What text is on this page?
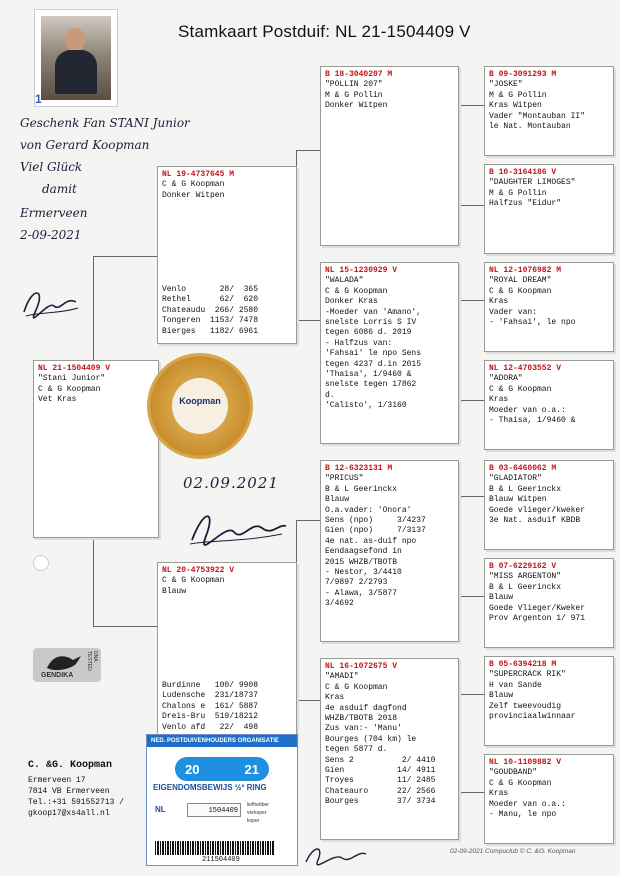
Stamkaart Postduif: NL 21-1504409 V
1
Geschenk Fan STANI Junior
von Gerard Koopman
Viel Glück
damit
Ermerveen
2-09-2021
NL 21-1504409 V
"Stani Junior"
C & G Koopman
Vet Kras
NL 19-4737645 M
C & G Koopman
Donker Witpen
Venlo       28/  365
Rethel      62/  620
Chateaudu  266/ 2580
Tongeren  1153/ 7478
Bierges   1182/ 6961
NL 20-4753922 V
C & G Koopman
Blauw
Burdinne   100/ 9908
Ludensche  231/18737
Chalons e  161/ 5887
Dreis-Bru  519/18212
Venlo afd   22/  498
B 18-3040207 M
"POLLIN 207"
M & G Pollin
Donker Witpen
NL 15-1230929 V
"WALADA"
C & G Koopman
Donker Kras
-Moeder van 'Amano',
snelste Lorris S IV
tegen 6086 d. 2019
- Halfzus van:
'Fahsai' le npo Sens
tegen 4237 d.in 2015
'Thaisa', 1/9460 &
snelste tegen 17862
d.
'Calisto', 1/3160
B 12-6323131 M
"PRICUS"
B & L Geerinckx
Blauw
O.a.vader: 'Onora'
Sens (npo)     3/4237
Gien (npo)     7/3137
4e nat. as-duif npo
Eendaagsefond in
2015 WHZB/TBOTB
- Nestor, 3/4410
7/9897 2/2793
- Alawa, 3/5877
3/4692
NL 16-1072675 V
"AMADI"
C & G Koopman
Kras
4e asduif dagfond
WHZB/TBOTB 2018
Zus van:- 'Manu'
Bourges (704 km) le
tegen 5877 d.
Sens 2          2/ 4410
Gien           14/ 4911
Troyes         11/ 2485
Chateauro      22/ 2566
Bourges        37/ 3734
B 09-3091293 M
"JOSKE"
M & G Pollin
Kras Witpen
Vader "Montauban II"
le Nat. Montauban
B 10-3164186 V
"DAUGHTER LIMOGES"
M & G Pollin
Halfzus "Eidur"
NL 12-1076982 M
"ROYAL DREAM"
C & G Koopman
Kras
Vader van:
- 'Fahsai', le npo
NL 12-4703552 V
"ADORA"
C & G Koopman
Kras
Moeder van o.a.:
- Thaisa, 1/9460 &
B 03-6460062 M
"GLADIATOR"
B & L Geerinckx
Blauw Witpen
Goede vlieger/kweker
3e Nat. asduif KBDB
B 07-6229162 V
"MISS ARGENTON"
B & L Geerinckx
Blauw
Goede Vlieger/Kweker
Prov Argenton 1/ 971
B 05-6394218 M
"SUPERCRACK RIK"
H van Sande
Blauw
Zelf tweevoudig
provinciaalwinnaar
NL 10-1109882 V
"GOUDBAND"
C & G Koopman
Kras
Moeder van o.a.:
- Manu, le npo
Koopman
02.09.2021
GENDIKA
DNA TESTED
C. &G. Koopman
Ermerveen 17
7814 VB Ermerveen
Tel.:+31 591552713 /
gkoop17@xs4all.nl
NED. POSTDUIVENHOUDERS ORGANISATIE
20	21
EIGENDOMSBEWIJS ½º RING
NL	1504409
liefhebber
verkoper
koper
211504409
02-09-2021 Compuclub © C. &G. Koopman
